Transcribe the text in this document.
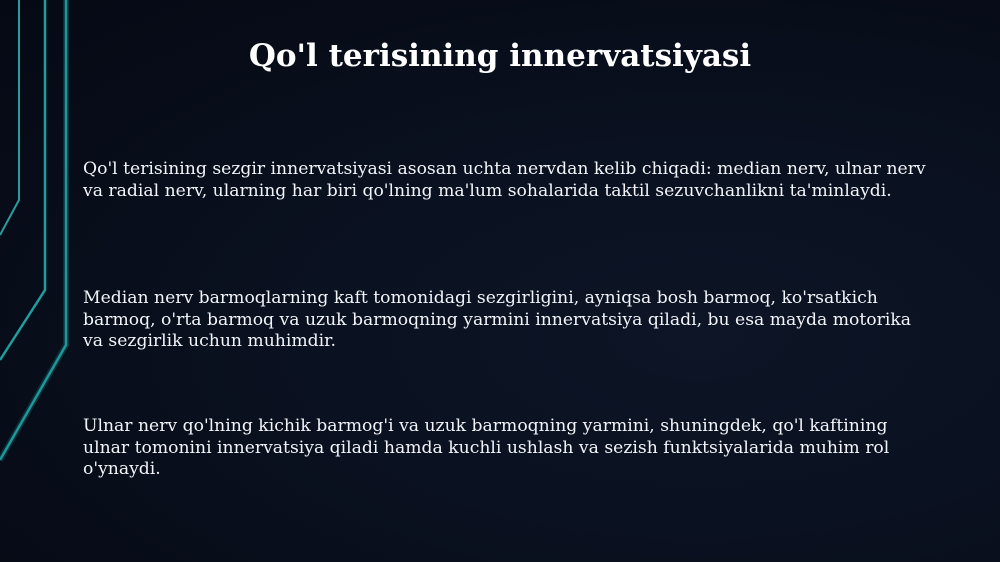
Qo'l terisining innervatsiyasi

Qo'l terisining sezgir innervatsiyasi asosan uchta nervdan kelib chiqadi: median nerv, ulnar nerv va radial nerv, ularning har biri qo'lning ma'lum sohalarida taktil sezuvchanlikni ta'minlaydi.

Median nerv barmoqlarning kaft tomonidagi sezgirligini, ayniqsa bosh barmoq, ko'rsatkich barmoq, o'rta barmoq va uzuk barmoqning yarmini innervatsiya qiladi, bu esa mayda motorika va sezgirlik uchun muhimdir.

Ulnar nerv qo'lning kichik barmog'i va uzuk barmoqning yarmini, shuningdek, qo'l kaftining ulnar tomonini innervatsiya qiladi hamda kuchli ushlash va sezish funktsiyalarida muhim rol o'ynaydi.
